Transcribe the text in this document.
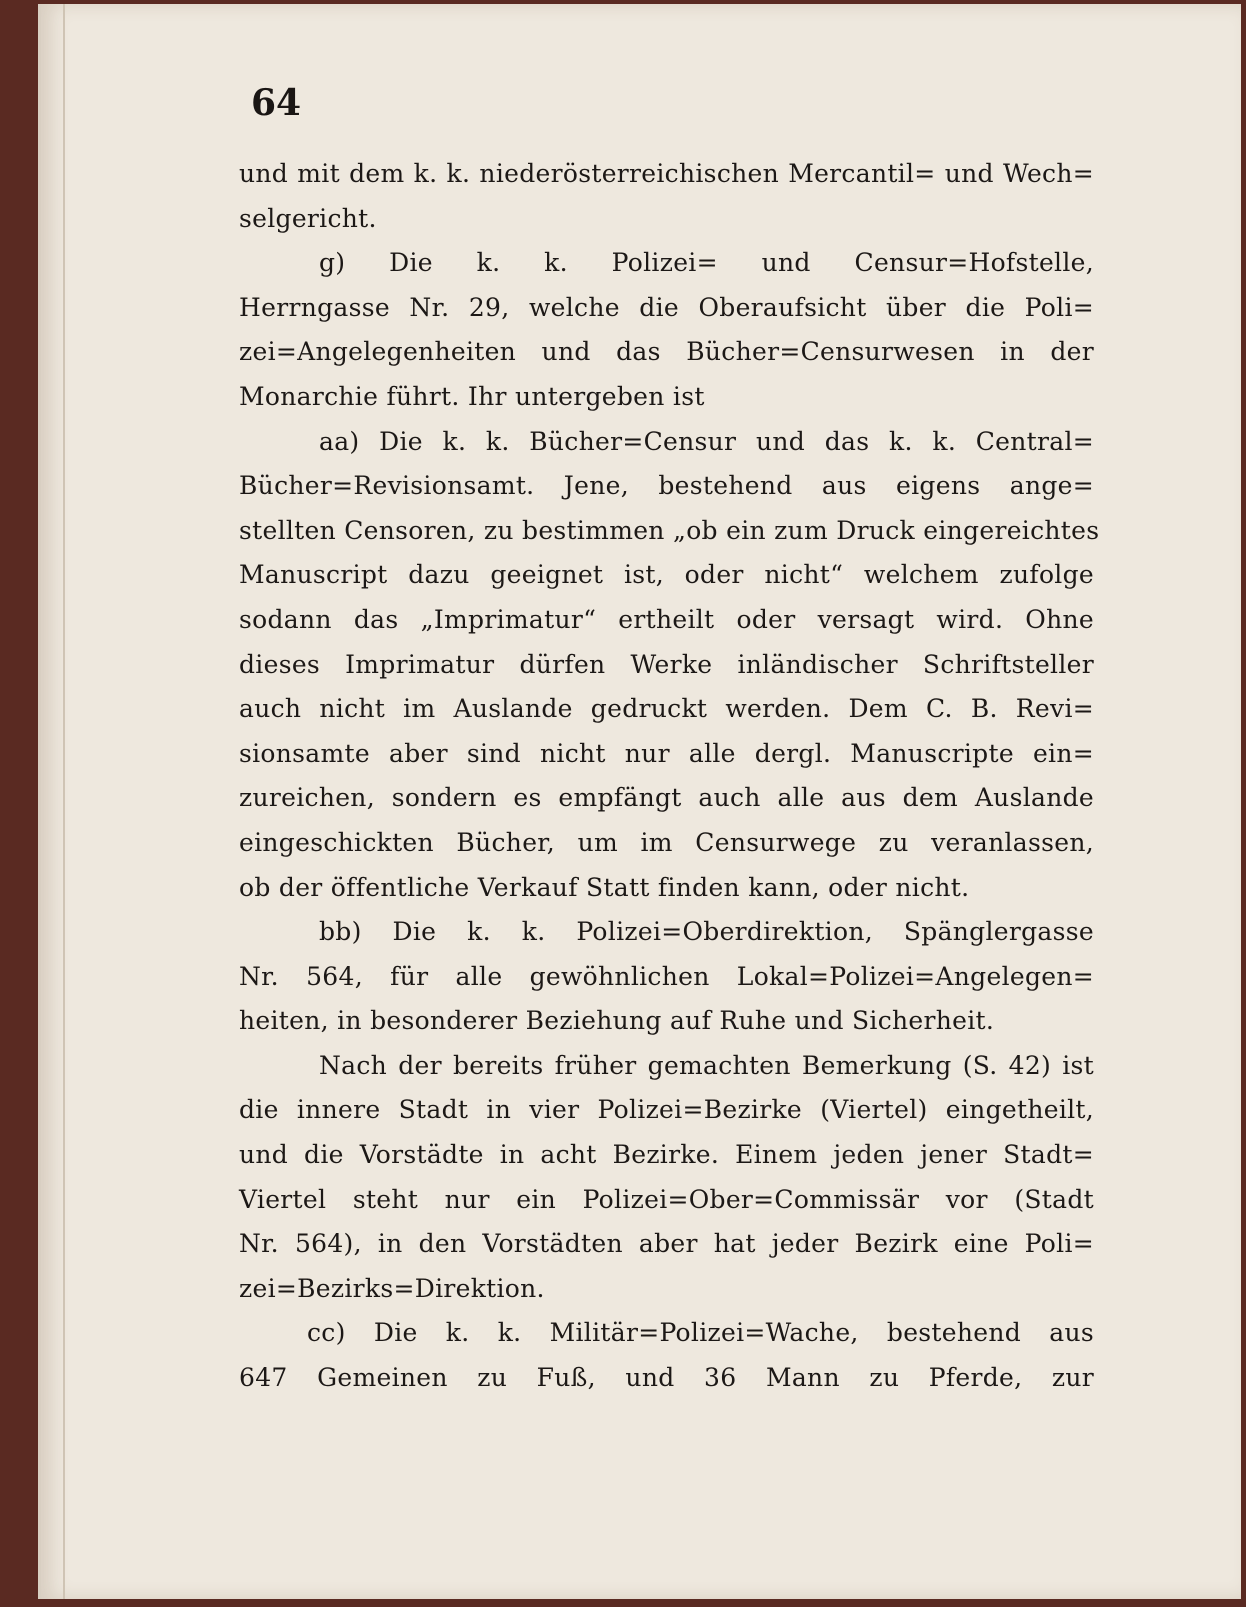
64
und mit dem k. k. niederösterreichischen Mercantil= und Wech=
selgericht.
g) Die k. k. Polizei= und Censur=Hofstelle,
Herrngasse Nr. 29, welche die Oberaufsicht über die Poli=
zei=Angelegenheiten und das Bücher=Censurwesen in der
Monarchie führt. Ihr untergeben ist
aa) Die k. k. Bücher=Censur und das k. k. Central=
Bücher=Revisionsamt. Jene, bestehend aus eigens ange=
stellten Censoren, zu bestimmen „ob ein zum Druck eingereichtes
Manuscript dazu geeignet ist, oder nicht“ welchem zufolge
sodann das „Imprimatur“ ertheilt oder versagt wird. Ohne
dieses Imprimatur dürfen Werke inländischer Schriftsteller
auch nicht im Auslande gedruckt werden. Dem C. B. Revi=
sionsamte aber sind nicht nur alle dergl. Manuscripte ein=
zureichen, sondern es empfängt auch alle aus dem Auslande
eingeschickten Bücher, um im Censurwege zu veranlassen,
ob der öffentliche Verkauf Statt finden kann, oder nicht.
bb) Die k. k. Polizei=Oberdirektion, Spänglergasse
Nr. 564, für alle gewöhnlichen Lokal=Polizei=Angelegen=
heiten, in besonderer Beziehung auf Ruhe und Sicherheit.
Nach der bereits früher gemachten Bemerkung (S. 42) ist
die innere Stadt in vier Polizei=Bezirke (Viertel) eingetheilt,
und die Vorstädte in acht Bezirke. Einem jeden jener Stadt=
Viertel steht nur ein Polizei=Ober=Commissär vor (Stadt
Nr. 564), in den Vorstädten aber hat jeder Bezirk eine Poli=
zei=Bezirks=Direktion.
cc) Die k. k. Militär=Polizei=Wache, bestehend aus
647 Gemeinen zu Fuß, und 36 Mann zu Pferde, zur
